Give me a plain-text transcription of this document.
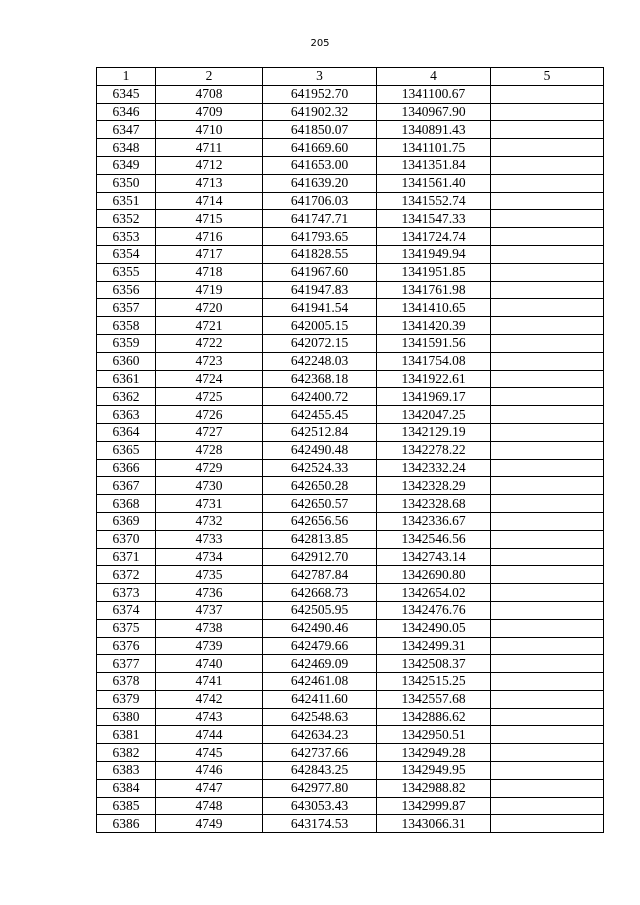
205
1	2	3	4	5
6345	4708	641952.70	1341100.67	
6346	4709	641902.32	1340967.90	
6347	4710	641850.07	1340891.43	
6348	4711	641669.60	1341101.75	
6349	4712	641653.00	1341351.84	
6350	4713	641639.20	1341561.40	
6351	4714	641706.03	1341552.74	
6352	4715	641747.71	1341547.33	
6353	4716	641793.65	1341724.74	
6354	4717	641828.55	1341949.94	
6355	4718	641967.60	1341951.85	
6356	4719	641947.83	1341761.98	
6357	4720	641941.54	1341410.65	
6358	4721	642005.15	1341420.39	
6359	4722	642072.15	1341591.56	
6360	4723	642248.03	1341754.08	
6361	4724	642368.18	1341922.61	
6362	4725	642400.72	1341969.17	
6363	4726	642455.45	1342047.25	
6364	4727	642512.84	1342129.19	
6365	4728	642490.48	1342278.22	
6366	4729	642524.33	1342332.24	
6367	4730	642650.28	1342328.29	
6368	4731	642650.57	1342328.68	
6369	4732	642656.56	1342336.67	
6370	4733	642813.85	1342546.56	
6371	4734	642912.70	1342743.14	
6372	4735	642787.84	1342690.80	
6373	4736	642668.73	1342654.02	
6374	4737	642505.95	1342476.76	
6375	4738	642490.46	1342490.05	
6376	4739	642479.66	1342499.31	
6377	4740	642469.09	1342508.37	
6378	4741	642461.08	1342515.25	
6379	4742	642411.60	1342557.68	
6380	4743	642548.63	1342886.62	
6381	4744	642634.23	1342950.51	
6382	4745	642737.66	1342949.28	
6383	4746	642843.25	1342949.95	
6384	4747	642977.80	1342988.82	
6385	4748	643053.43	1342999.87	
6386	4749	643174.53	1343066.31	
